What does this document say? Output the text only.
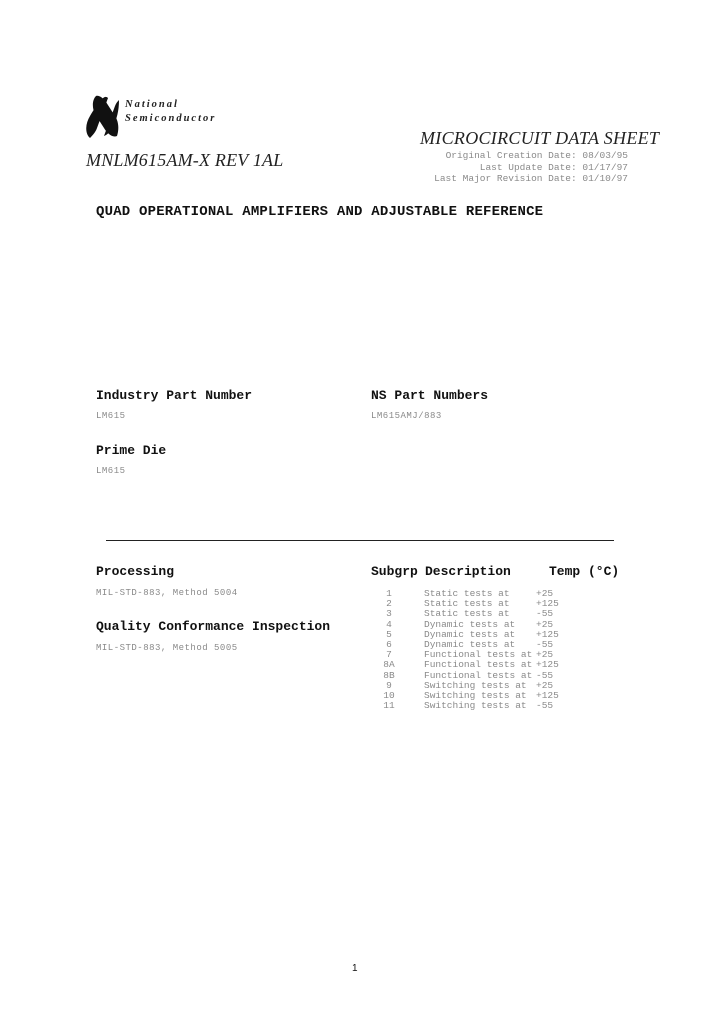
National
Semiconductor
MICROCIRCUIT DATA SHEET
MNLM615AM-X REV 1AL	Original Creation Date: 08/03/95
Last Update Date: 01/17/97
Last Major Revision Date: 01/10/97
QUAD OPERATIONAL AMPLIFIERS AND ADJUSTABLE REFERENCE
Industry Part Number
LM615
NS Part Numbers
LM615AMJ/883
Prime Die
LM615
Processing
MIL-STD-883, Method 5004
Quality Conformance Inspection
MIL-STD-883, Method 5005
Subgrp Description	Temp (°C)
1	Static tests at	+25
2	Static tests at	+125
3	Static tests at	-55
4	Dynamic tests at	+25
5	Dynamic tests at	+125
6	Dynamic tests at	-55
7	Functional tests at +25
8A	Functional tests at +125
8B	Functional tests at -55
9	Switching tests at +25
10	Switching tests at +125
11	Switching tests at -55
1
